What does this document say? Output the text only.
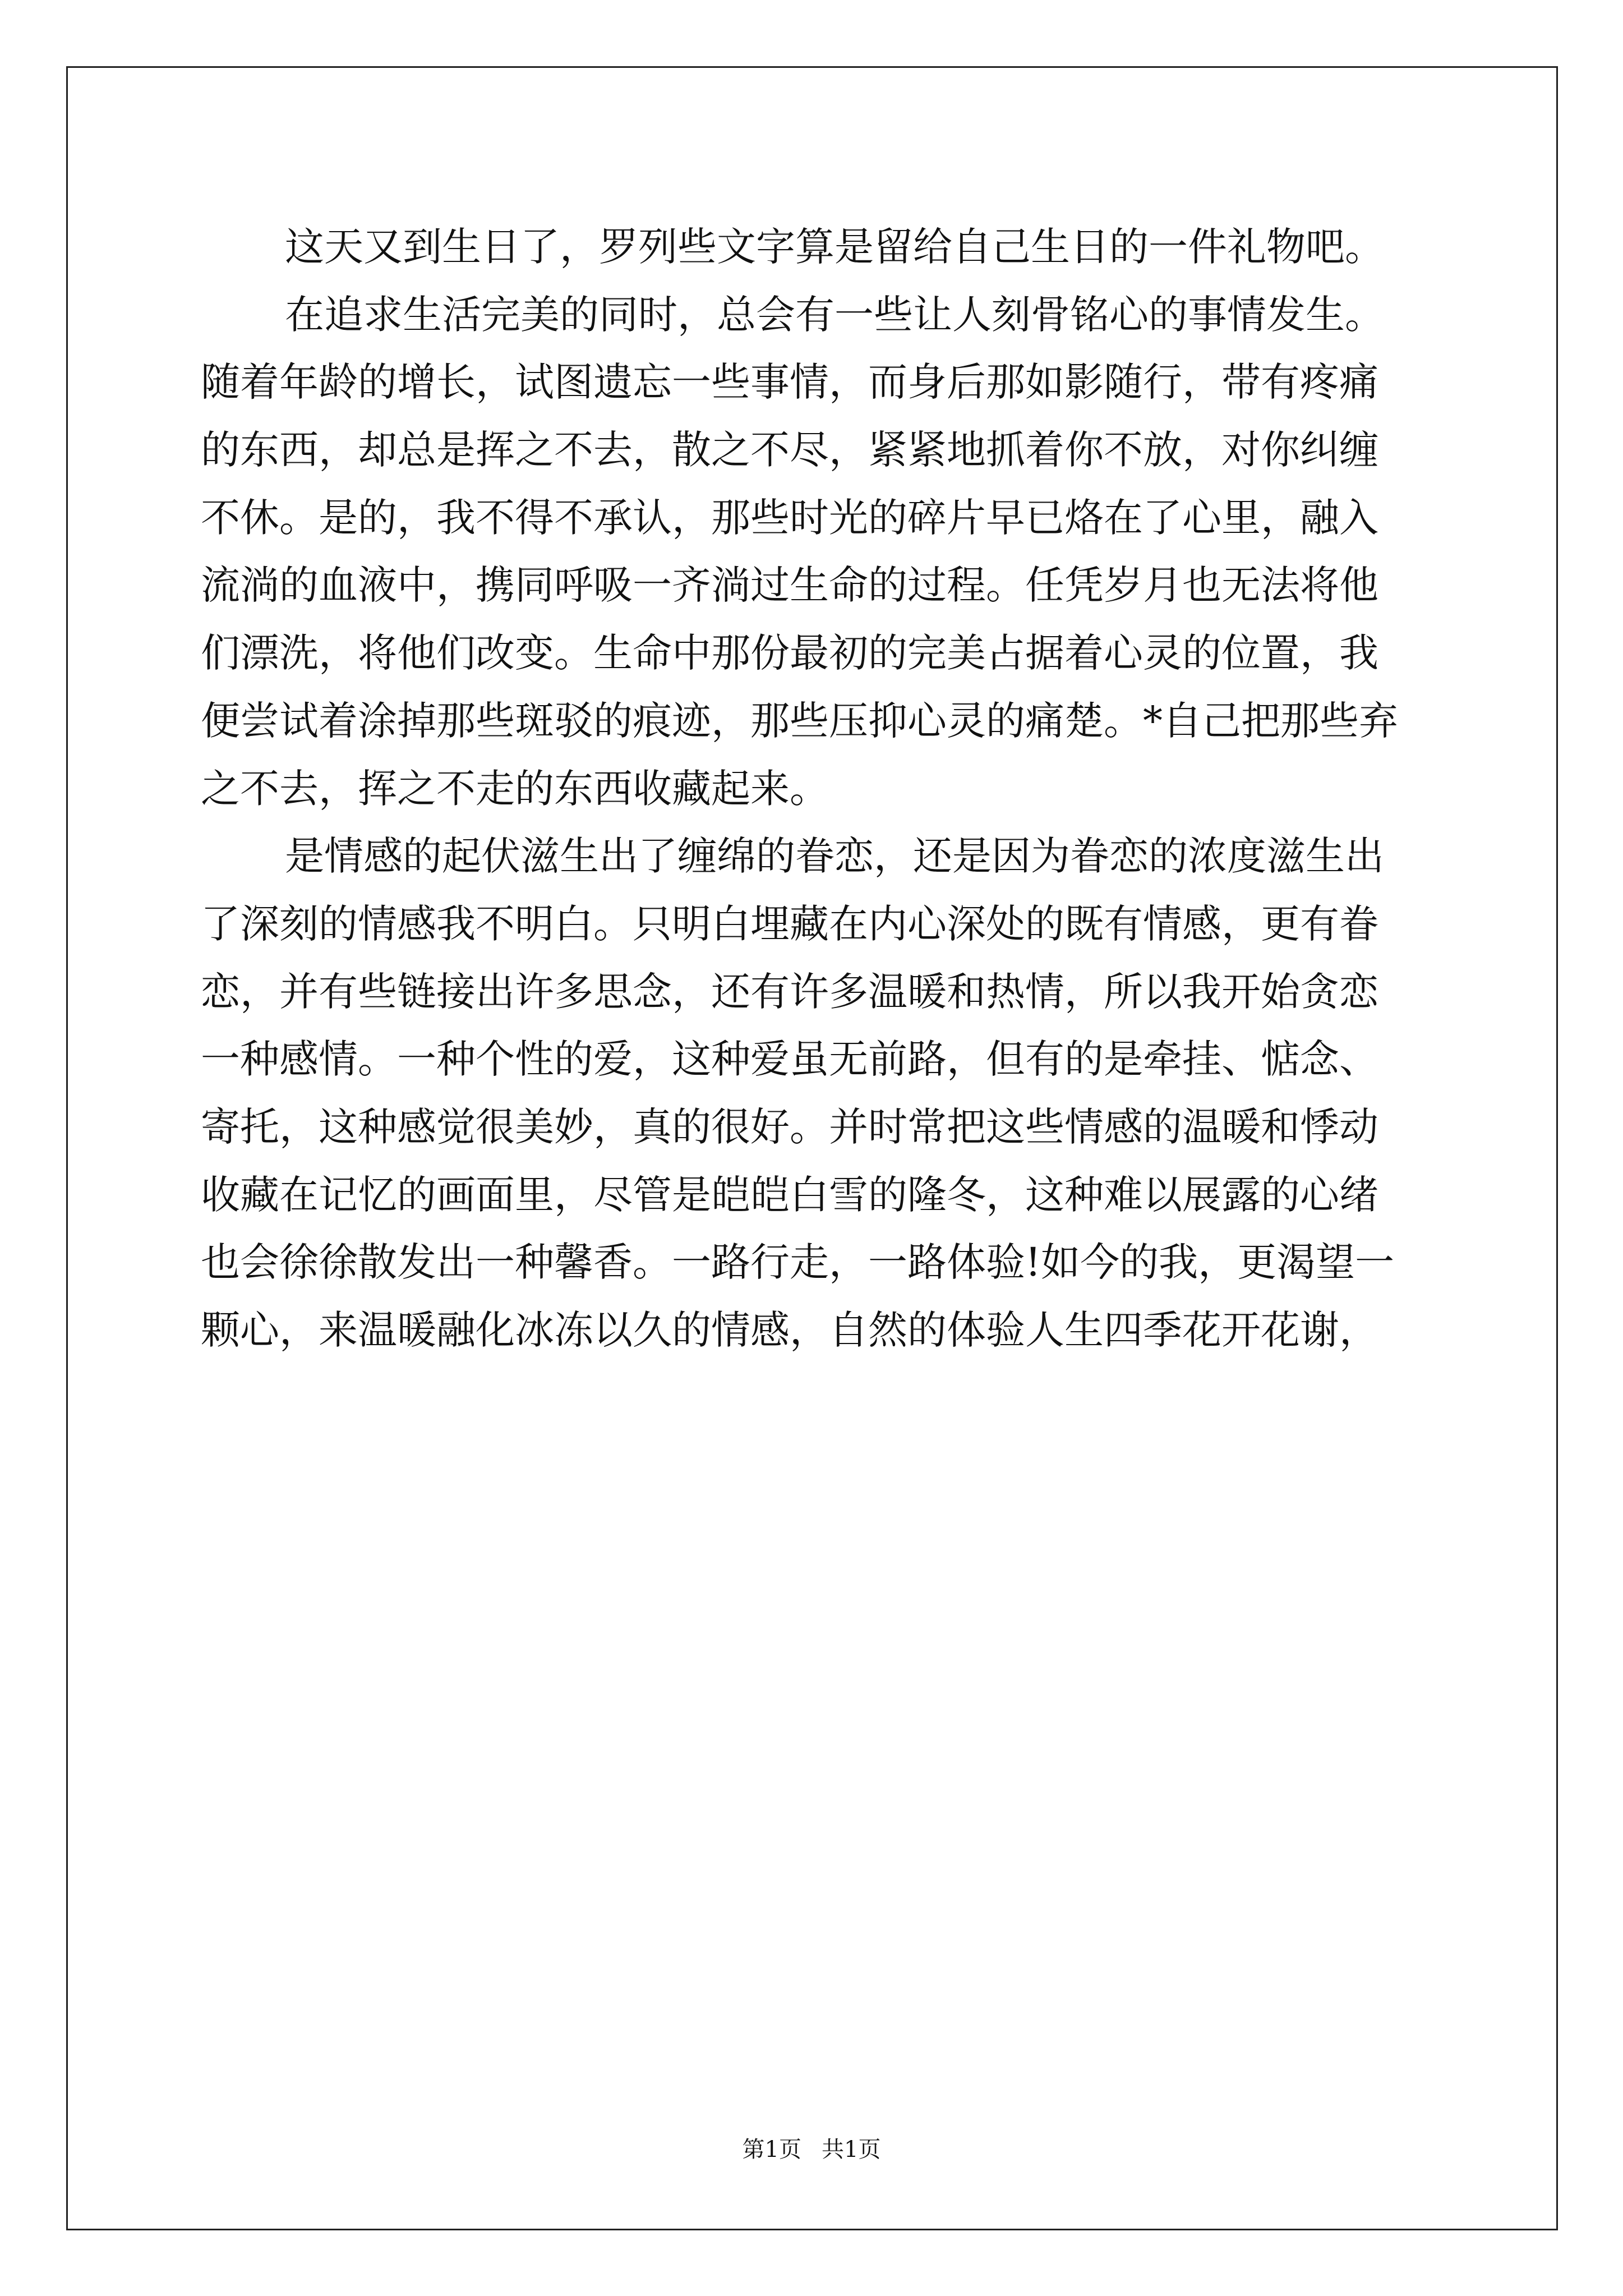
这天又到生日了，罗列些文字算是留给自己生日的一件礼物吧。
在追求生活完美的同时，总会有一些让人刻骨铭心的事情发生。
随着年龄的增长，试图遗忘一些事情，而身后那如影随行，带有疼痛
的东西，却总是挥之不去，散之不尽，紧紧地抓着你不放，对你纠缠
不休。是的，我不得不承认，那些时光的碎片早已烙在了心里，融入
流淌的血液中，携同呼吸一齐淌过生命的过程。任凭岁月也无法将他
们漂洗，将他们改变。生命中那份最初的完美占据着心灵的位置，我
便尝试着涂掉那些斑驳的痕迹，那些压抑心灵的痛楚。*自己把那些弃
之不去，挥之不走的东西收藏起来。
是情感的起伏滋生出了缠绵的眷恋，还是因为眷恋的浓度滋生出
了深刻的情感我不明白。只明白埋藏在内心深处的既有情感，更有眷
恋，并有些链接出许多思念，还有许多温暖和热情，所以我开始贪恋
一种感情。一种个性的爱，这种爱虽无前路，但有的是牵挂、惦念、
寄托，这种感觉很美妙，真的很好。并时常把这些情感的温暖和悸动
收藏在记忆的画面里，尽管是皑皑白雪的隆冬，这种难以展露的心绪
也会徐徐散发出一种馨香。一路行走，一路体验!如今的我，更渴望一
颗心，来温暖融化冰冻以久的情感，自然的体验人生四季花开花谢，
第1页 共1页
